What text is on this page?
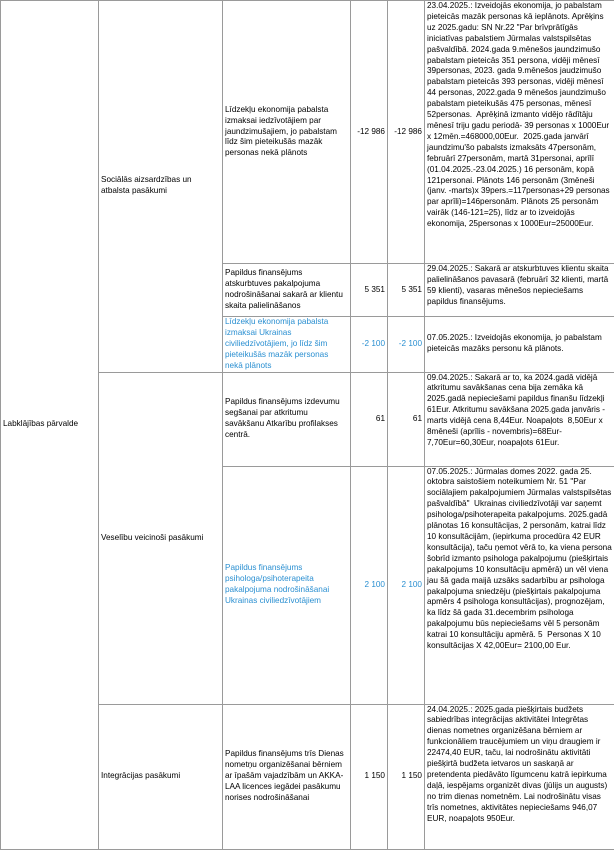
Labklājības pārvalde	Sociālās aizsardzības un atbalsta pasākumi	Līdzekļu ekonomija pabalsta izmaksai iedzīvotājiem par jaundzimušajiem, jo pabalstam līdz šim pieteikušās mazāk personas nekā plānots	-12 986	-12 986	23.04.2025.: Izveidojās ekonomija, jo pabalstam pieteicās mazāk personas kā ieplānots. Aprēķins uz 2025.gadu: SN Nr.22 "Par brīvprātīgās iniciatīvas pabalstiem Jūrmalas valstspilsētas pašvaldībā. 2024.gada 9.mēnešos jaundzimušo pabalstam pieteicās 351 persona, vidēji mēnesī 39personas, 2023. gada 9.mēnešos jaudzimušo pabalstam pieteicās 393 personas, vidēji mēnesī 44 personas, 2022.gada 9 mēnešos jaundzimušo pabalstam pieteikušās 475 personas, mēnesī 52personas.  Aprēķinā izmanto vidējo rādītāju mēnesī triju gadu periodā- 39 personas x 1000Eur x 12mēn.=468000,00Eur.  2025.gada janvārī jaundzimu'šo pabalsts izmaksāts 47personām, februārī 27personām, martā 31personai, aprīlī (01.04.2025.-23.04.2025.) 16 personām, kopā 121personai. Plānots 146 personām (3mēneši (janv. -marts)x 39pers.=117personas+29 personas par aprīli)=146personām. Plānots 25 personām vairāk (146-121=25), līdz ar to izveidojās ekonomija, 25personas x 1000Eur=25000Eur.
		Papildus finansējums atskurbtuves pakalpojuma nodrošināšanai sakarā ar klientu skaita palielināšanos	5 351	5 351	29.04.2025.: Sakarā ar atskurbtuves klientu skaita palielināšanos pavasarā (februārī 32 klienti, martā 59 klienti), vasaras mēnešos nepieciešams papildus finansējums.
		Līdzekļu ekonomija pabalsta izmaksai Ukrainas civiliedzīvotājiem, jo līdz šim pieteikušās mazāk personas nekā plānots	-2 100	-2 100	07.05.2025.: Izveidojās ekonomija, jo pabalstam pieteicās mazāks personu kā plānots.
	Veselību veicinoši pasākumi	Papildus finansējums izdevumu segšanai par atkritumu savākšanu Atkarību profilakses centrā.	61	61	09.04.2025.: Sakarā ar to, ka 2024.gadā vidējā atkritumu savākšanas cena bija zemāka kā 2025.gadā nepieciešami papildus finanšu līdzekļi 61Eur. Atkritumu savākšana 2025.gada janvāris - marts vidējā cena 8,44Eur. Noapaļots  8,50Eur x 8mēneši (aprīlis - novembris)=68Eur-7,70Eur=60,30Eur, noapaļots 61Eur.
		Papildus finansējums psihologa/psihoterapeita pakalpojuma nodrošināšanai Ukrainas civiliedzīvotājiem	2 100	2 100	07.05.2025.: Jūrmalas domes 2022. gada 25. oktobra saistošiem noteikumiem Nr. 51 "Par sociālajiem pakalpojumiem Jūrmalas valstspilsētas pašvaldībā"  Ukrainas civiliedzīvotāji var saņemt psihologa/psihoterapeita pakalpojums. 2025.gadā plānotas 16 konsultācijas, 2 personām, katrai līdz 10 konsultācijām, (iepirkuma procedūra 42 EUR konsultācija), taču ņemot vērā to, ka viena persona šobrīd izmanto psihologa pakalpojumu (piešķirtais pakalpojums 10 konsultāciju apmērā) un vēl viena jau šā gada maijā uzsāks sadarbību ar psihologa pakalpojuma sniedzēju (piešķirtais pakalpojuma apmērs 4 psihologa konsultācijas), prognozējam, ka līdz šā gada 31.decembrim psihologa pakalpojumu būs nepieciešams vēl 5 personām katrai 10 konsultāciju apmērā. 5  Personas X 10 konsultācijas X 42,00Eur= 2100,00 Eur.
	Integrācijas pasākumi	Papildus finansējums trīs Dienas nometņu organizēšanai bērniem ar īpašām vajadzībām un AKKA-LAA licences iegādei pasākumu norises nodrošināšanai	1 150	1 150	24.04.2025.: 2025.gada piešķirtais budžets sabiedrības integrācijas aktivitātei Integrētas dienas nometnes organizēšana bērniem ar funkcionāliem traucējumiem un viņu draugiem ir 22474,40 EUR, taču, lai nodrošinātu aktivitāti piešķirtā budžeta ietvaros un saskaņā ar pretendenta piedāvāto līgumcenu katrā iepirkuma daļā, iespējams organizēt divas (jūlijs un augusts) no trim dienas nometnēm. Lai nodrošinātu visas trīs nometnes, aktivitātes nepieciešams 946,07 EUR, noapaļots 950Eur.
